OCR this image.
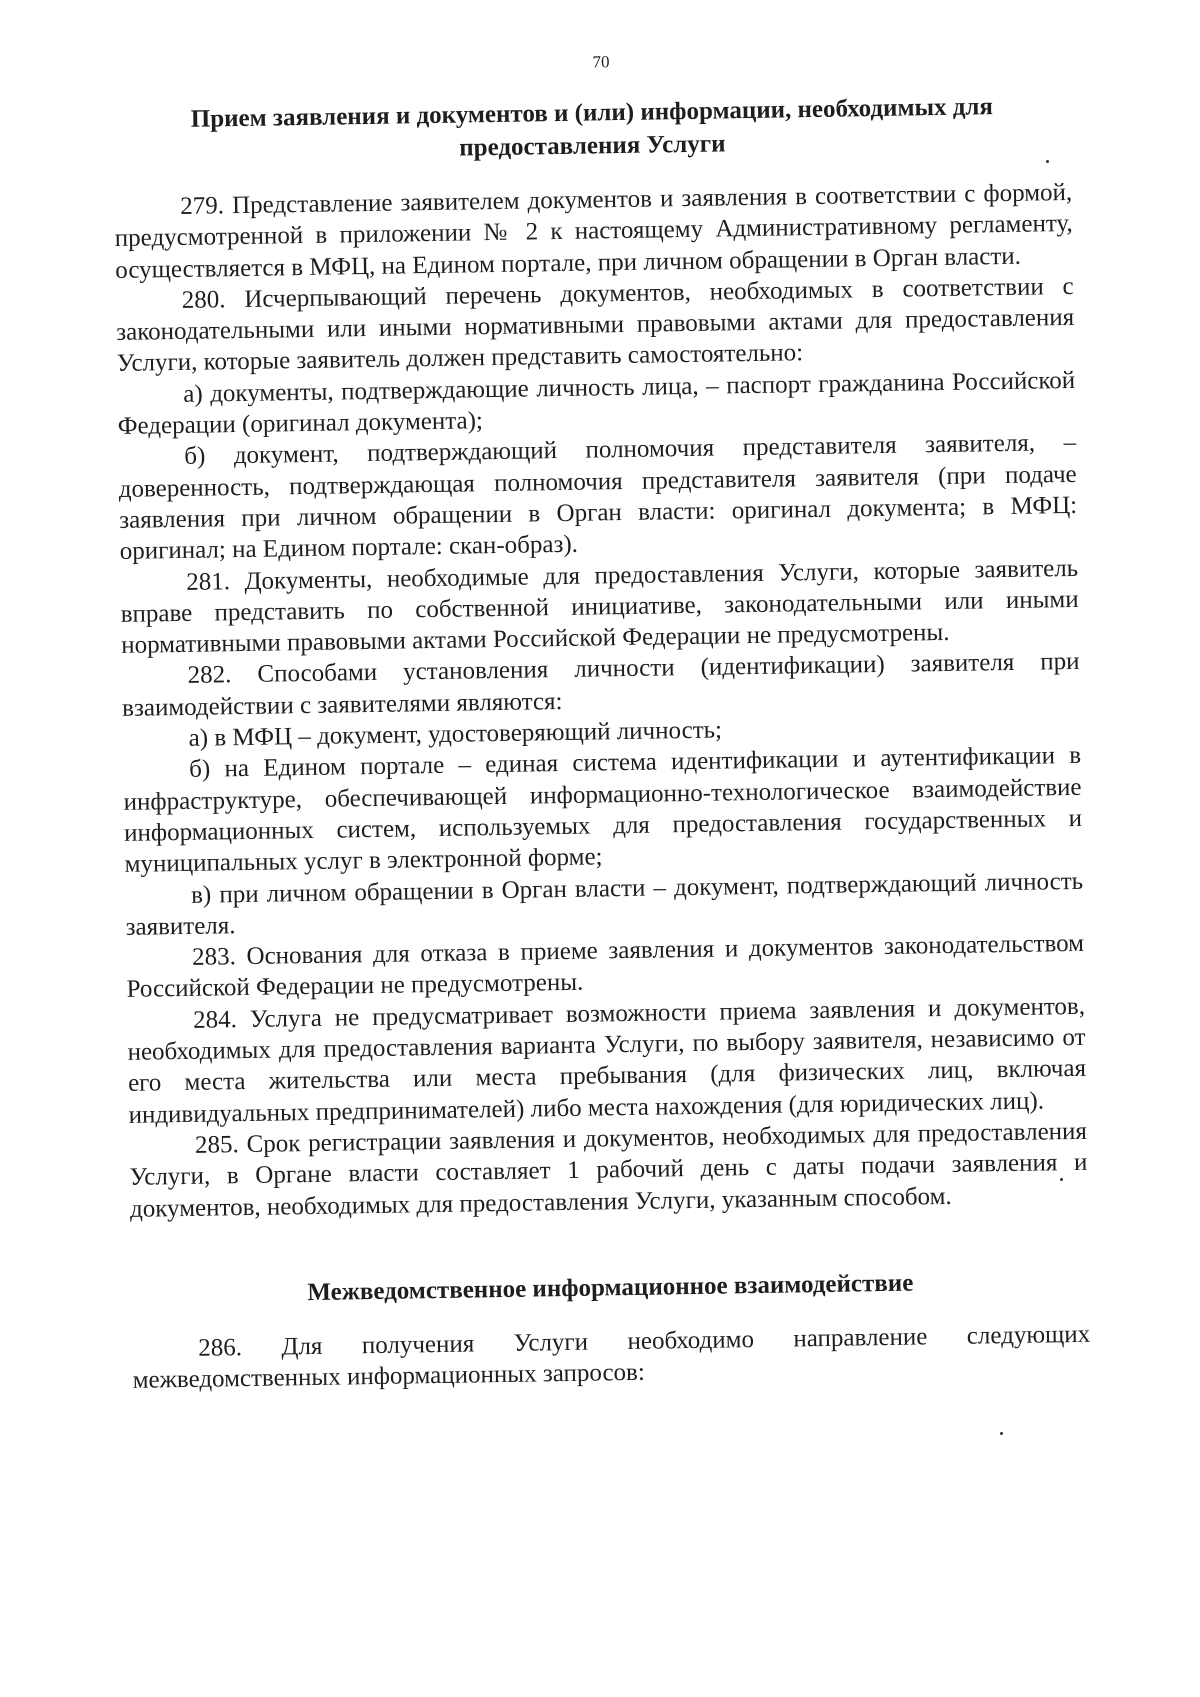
70
Прием заявления и документов и (или) информации, необходимых для
предоставления Услуги

279. Представление заявителем документов и заявления в соответствии с формой, предусмотренной в приложении № 2 к настоящему Административному регламенту, осуществляется в МФЦ, на Едином портале, при личном обращении в Орган власти.

280. Исчерпывающий перечень документов, необходимых в соответствии с законодательными или иными нормативными правовыми актами для предоставления Услуги, которые заявитель должен представить самостоятельно:

а) документы, подтверждающие личность лица, – паспорт гражданина Российской Федерации (оригинал документа);

б) документ, подтверждающий полномочия представителя заявителя, – доверенность, подтверждающая полномочия представителя заявителя (при подаче заявления при личном обращении в Орган власти: оригинал документа; в МФЦ: оригинал; на Едином портале: скан-образ).

281. Документы, необходимые для предоставления Услуги, которые заявитель вправе представить по собственной инициативе, законодательными или иными нормативными правовыми актами Российской Федерации не предусмотрены.

282. Способами установления личности (идентификации) заявителя при взаимодействии с заявителями являются:

а) в МФЦ – документ, удостоверяющий личность;

б) на Едином портале – единая система идентификации и аутентификации в инфраструктуре, обеспечивающей информационно-технологическое взаимодействие информационных систем, используемых для предоставления государственных и муниципальных услуг в электронной форме;

в) при личном обращении в Орган власти – документ, подтверждающий личность заявителя.

283. Основания для отказа в приеме заявления и документов законодательством Российской Федерации не предусмотрены.

284. Услуга не предусматривает возможности приема заявления и документов, необходимых для предоставления варианта Услуги, по выбору заявителя, независимо от его места жительства или места пребывания (для физических лиц, включая индивидуальных предпринимателей) либо места нахождения (для юридических лиц).

285. Срок регистрации заявления и документов, необходимых для предоставления Услуги, в Органе власти составляет 1 рабочий день с даты подачи заявления и документов, необходимых для предоставления Услуги, указанным способом.

Межведомственное информационное взаимодействие

286. Для получения Услуги необходимо направление следующих межведомственных информационных запросов:
